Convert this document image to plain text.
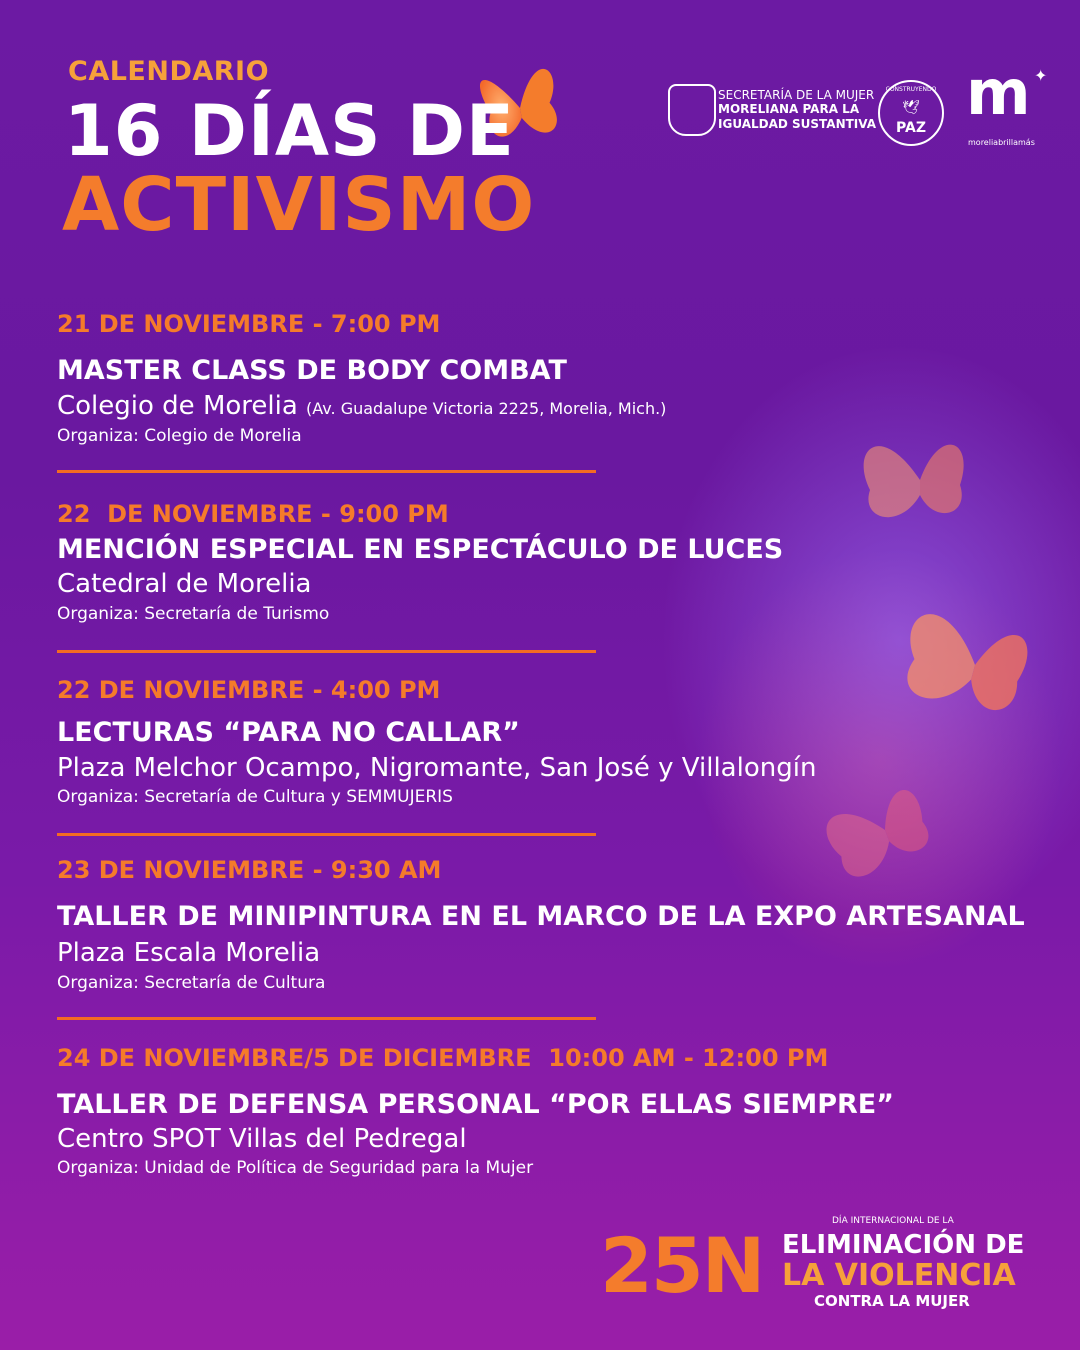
CALENDARIO
16 DÍAS DE
ACTIVISMO
SECRETARÍA DE LA MUJER
MORELIANA PARA LA
IGUALDAD SUSTANTIVA
CONSTRUYENDO
🕊
PAZ m ✦
moreliabrillamás
21 DE NOVIEMBRE - 7:00 PM
MASTER CLASS DE BODY COMBAT
Colegio de Morelia (Av. Guadalupe Victoria 2225, Morelia, Mich.)
Organiza: Colegio de Morelia
22  DE NOVIEMBRE - 9:00 PM
MENCIÓN ESPECIAL EN ESPECTÁCULO DE LUCES
Catedral de Morelia
Organiza: Secretaría de Turismo
22 DE NOVIEMBRE - 4:00 PM
LECTURAS “PARA NO CALLAR”
Plaza Melchor Ocampo, Nigromante, San José y Villalongín
Organiza: Secretaría de Cultura y SEMMUJERIS
23 DE NOVIEMBRE - 9:30 AM
TALLER DE MINIPINTURA EN EL MARCO DE LA EXPO ARTESANAL
Plaza Escala Morelia
Organiza: Secretaría de Cultura
24 DE NOVIEMBRE/5 DE DICIEMBRE  10:00 AM - 12:00 PM
TALLER DE DEFENSA PERSONAL “POR ELLAS SIEMPRE”
Centro SPOT Villas del Pedregal
Organiza: Unidad de Política de Seguridad para la Mujer
25N	DÍA INTERNACIONAL DE LA
ELIMINACIÓN DE
LA VIOLENCIA
CONTRA LA MUJER
